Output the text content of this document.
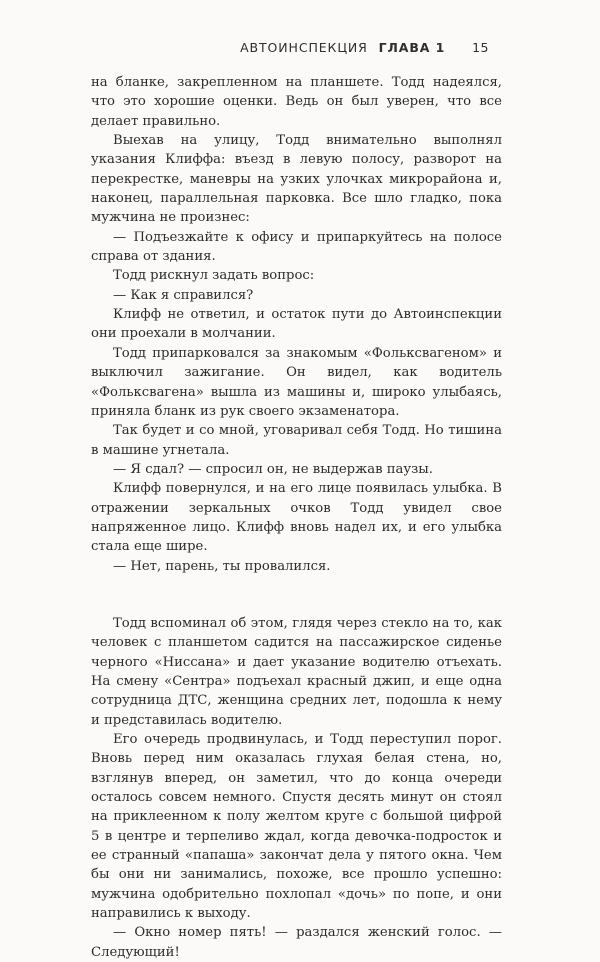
АВТОИНСПЕКЦИЯ ГЛАВА 1 15

на бланке, закрепленном на планшете. Тодд надеялся, что это хорошие оценки. Ведь он был уверен, что все делает правильно.

Выехав на улицу, Тодд внимательно выполнял указания Клиффа: въезд в левую полосу, разворот на перекрестке, маневры на узких улочках микрорайона и, наконец, параллельная парковка. Все шло гладко, пока мужчина не произнес:

— Подъезжайте к офису и припаркуйтесь на полосе справа от здания.

Тодд рискнул задать вопрос:

— Как я справился?

Клифф не ответил, и остаток пути до Автоинспекции они проехали в молчании.

Тодд припарковался за знакомым «Фольксвагеном» и выключил зажигание. Он видел, как водитель «Фольксвагена» вышла из машины и, широко улыбаясь, приняла бланк из рук своего экзаменатора.

Так будет и со мной, уговаривал себя Тодд. Но тишина в машине угнетала.

— Я сдал? — спросил он, не выдержав паузы.

Клифф повернулся, и на его лице появилась улыбка. В отражении зеркальных очков Тодд увидел свое напряженное лицо. Клифф вновь надел их, и его улыбка стала еще шире.

— Нет, парень, ты провалился.

Тодд вспоминал об этом, глядя через стекло на то, как человек с планшетом садится на пассажирское сиденье черного «Ниссана» и дает указание водителю отъехать. На смену «Сентра» подъехал красный джип, и еще одна сотрудница ДТС, женщина средних лет, подошла к нему и представилась водителю.

Его очередь продвинулась, и Тодд переступил порог. Вновь перед ним оказалась глухая белая стена, но, взглянув вперед, он заметил, что до конца очереди осталось совсем немного. Спустя десять минут он стоял на приклеенном к полу желтом круге с большой цифрой 5 в центре и терпеливо ждал, когда девочка-подросток и ее странный «папаша» закончат дела у пятого окна. Чем бы они ни занимались, похоже, все прошло успешно: мужчина одобрительно похлопал «дочь» по попе, и они направились к выходу.

— Окно номер пять! — раздался женский голос. — Следующий!
